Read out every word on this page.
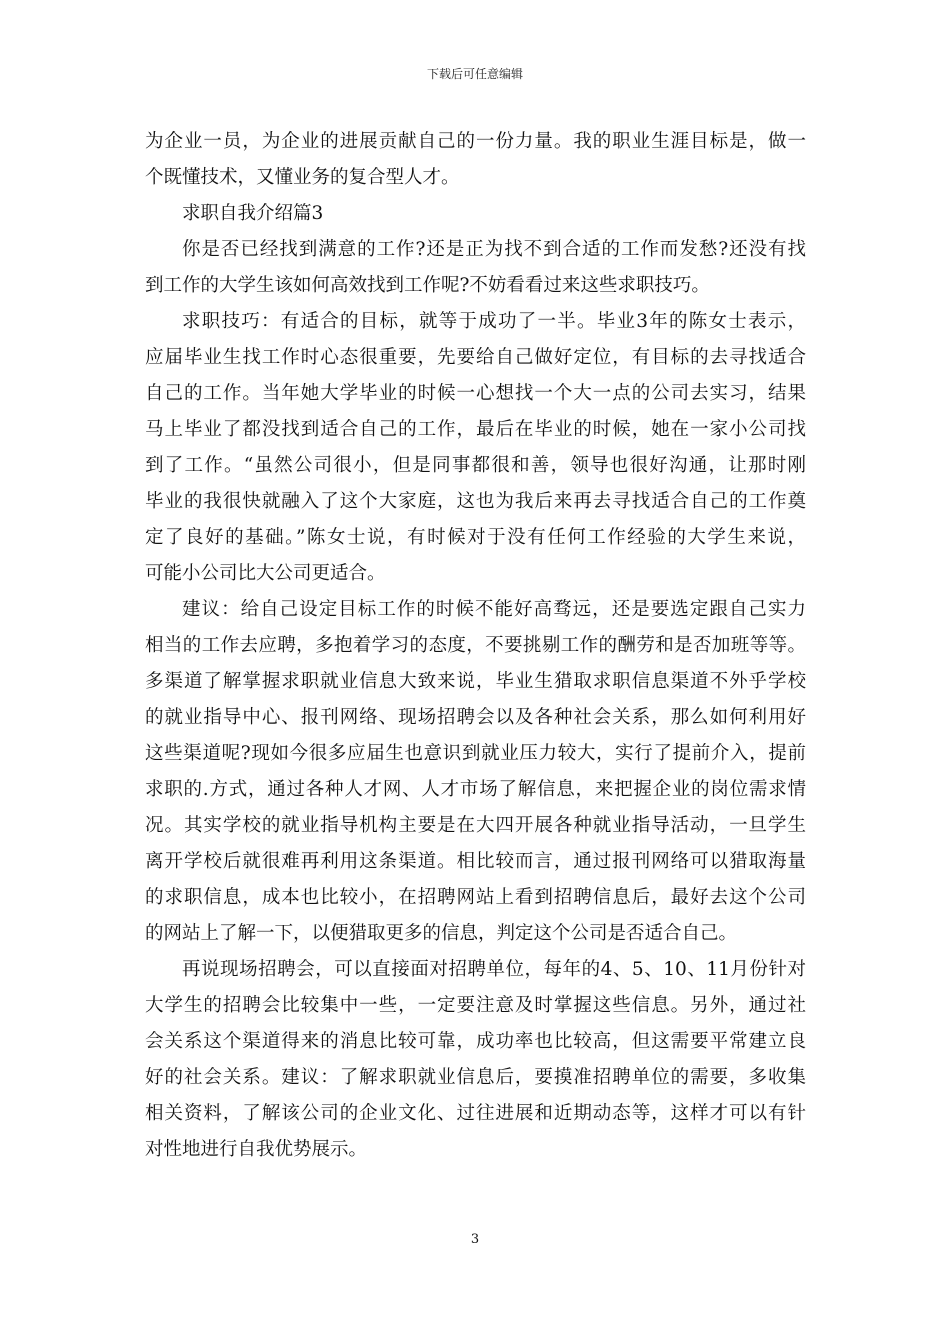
下载后可任意编辑
为企业一员，为企业的进展贡献自己的一份力量。我的职业生涯目标是，做一
个既懂技术，又懂业务的复合型人才。
求职自我介绍篇3
你是否已经找到满意的工作?还是正为找不到合适的工作而发愁?还没有找
到工作的大学生该如何高效找到工作呢?不妨看看过来这些求职技巧。
求职技巧：有适合的目标，就等于成功了一半。毕业3年的陈女士表示，
应届毕业生找工作时心态很重要，先要给自己做好定位，有目标的去寻找适合
自己的工作。当年她大学毕业的时候一心想找一个大一点的公司去实习，结果
马上毕业了都没找到适合自己的工作，最后在毕业的时候，她在一家小公司找
到了工作。“虽然公司很小，但是同事都很和善，领导也很好沟通，让那时刚
毕业的我很快就融入了这个大家庭，这也为我后来再去寻找适合自己的工作奠
定了良好的基础。”陈女士说，有时候对于没有任何工作经验的大学生来说，
可能小公司比大公司更适合。
建议：给自己设定目标工作的时候不能好高骛远，还是要选定跟自己实力
相当的工作去应聘，多抱着学习的态度，不要挑剔工作的酬劳和是否加班等等。
多渠道了解掌握求职就业信息大致来说，毕业生猎取求职信息渠道不外乎学校
的就业指导中心、报刊网络、现场招聘会以及各种社会关系，那么如何利用好
这些渠道呢?现如今很多应届生也意识到就业压力较大，实行了提前介入，提前
求职的.方式，通过各种人才网、人才市场了解信息，来把握企业的岗位需求情
况。其实学校的就业指导机构主要是在大四开展各种就业指导活动，一旦学生
离开学校后就很难再利用这条渠道。相比较而言，通过报刊网络可以猎取海量
的求职信息，成本也比较小，在招聘网站上看到招聘信息后，最好去这个公司
的网站上了解一下，以便猎取更多的信息，判定这个公司是否适合自己。
再说现场招聘会，可以直接面对招聘单位，每年的4、5、10、11月份针对
大学生的招聘会比较集中一些，一定要注意及时掌握这些信息。另外，通过社
会关系这个渠道得来的消息比较可靠，成功率也比较高，但这需要平常建立良
好的社会关系。建议：了解求职就业信息后，要摸准招聘单位的需要，多收集
相关资料，了解该公司的企业文化、过往进展和近期动态等，这样才可以有针
对性地进行自我优势展示。
3
